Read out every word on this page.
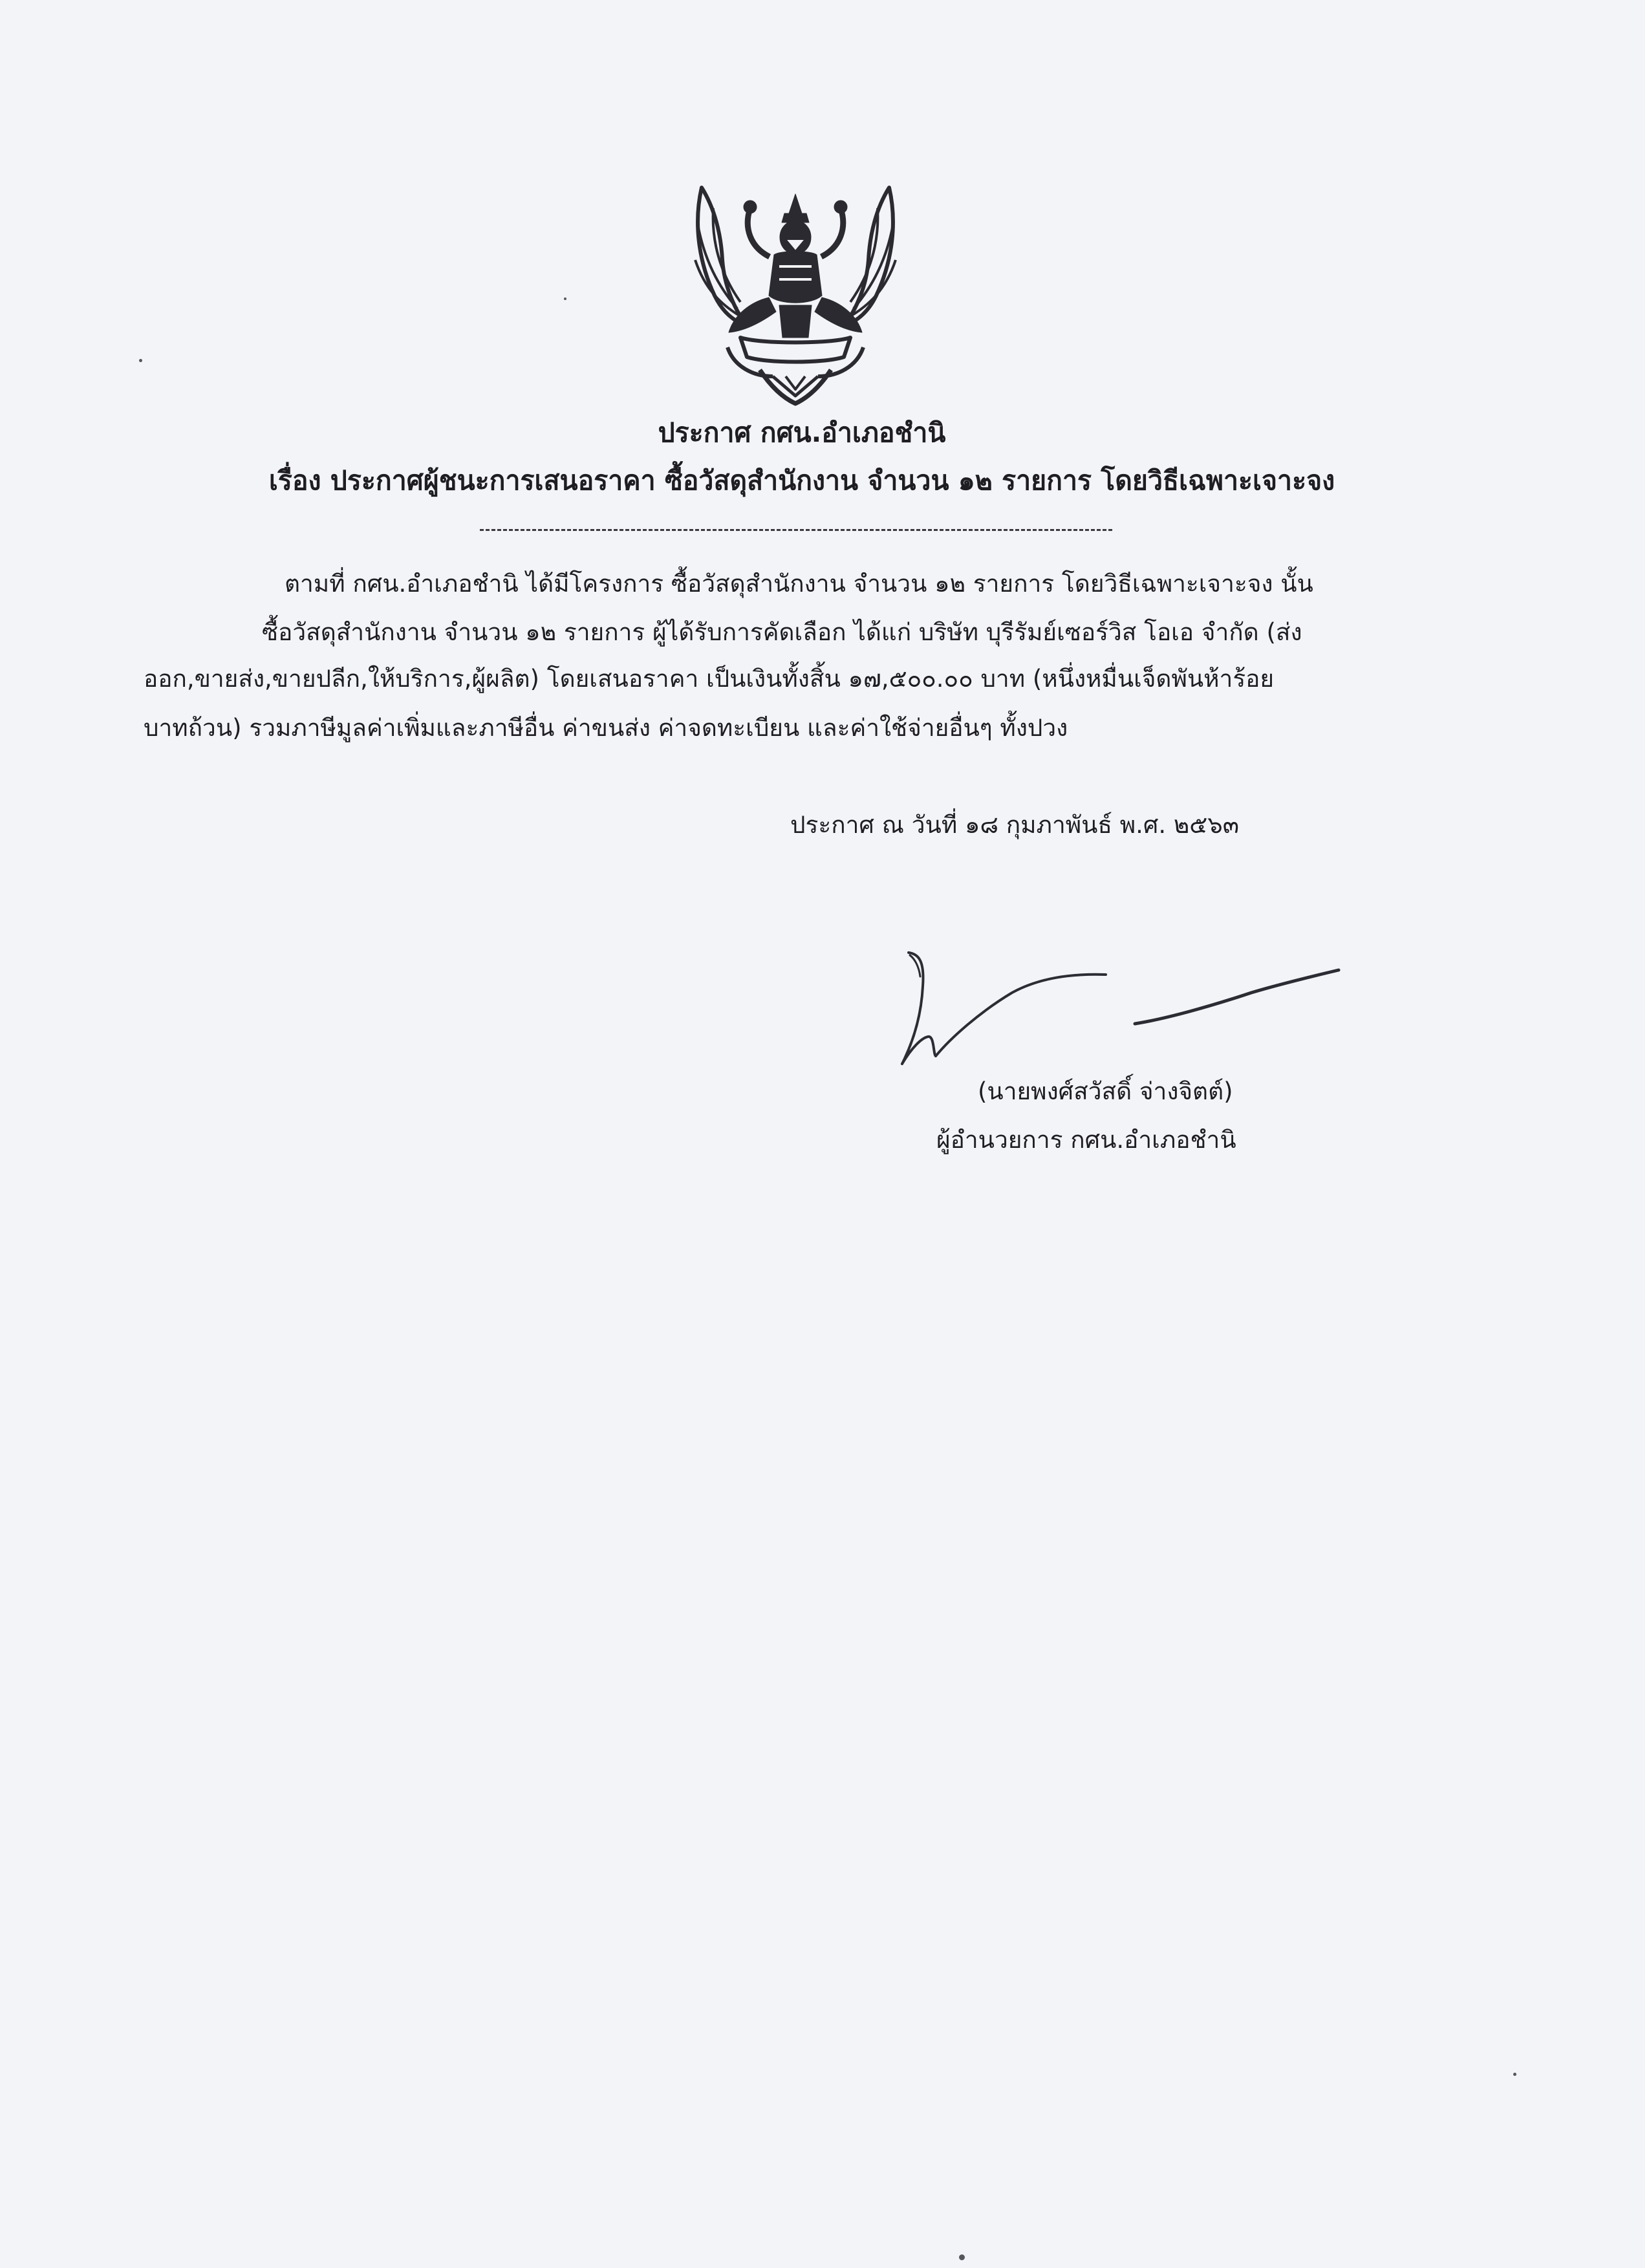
ประกาศ กศน.อำเภอชำนิ
เรื่อง ประกาศผู้ชนะการเสนอราคา ซื้อวัสดุสำนักงาน จำนวน ๑๒ รายการ โดยวิธีเฉพาะเจาะจง
ตามที่ กศน.อำเภอชำนิ ได้มีโครงการ ซื้อวัสดุสำนักงาน จำนวน ๑๒ รายการ โดยวิธีเฉพาะเจาะจง นั้น
ซื้อวัสดุสำนักงาน จำนวน ๑๒ รายการ ผู้ได้รับการคัดเลือก ได้แก่ บริษัท บุรีรัมย์เซอร์วิส โอเอ จำกัด (ส่ง
ออก,ขายส่ง,ขายปลีก,ให้บริการ,ผู้ผลิต) โดยเสนอราคา เป็นเงินทั้งสิ้น ๑๗,๕๐๐.๐๐ บาท (หนึ่งหมื่นเจ็ดพันห้าร้อย
บาทถ้วน) รวมภาษีมูลค่าเพิ่มและภาษีอื่น ค่าขนส่ง ค่าจดทะเบียน และค่าใช้จ่ายอื่นๆ ทั้งปวง
ประกาศ ณ วันที่ ๑๘ กุมภาพันธ์ พ.ศ. ๒๕๖๓
(นายพงศ์สวัสดิ์ จ่างจิตต์)
ผู้อำนวยการ กศน.อำเภอชำนิ
